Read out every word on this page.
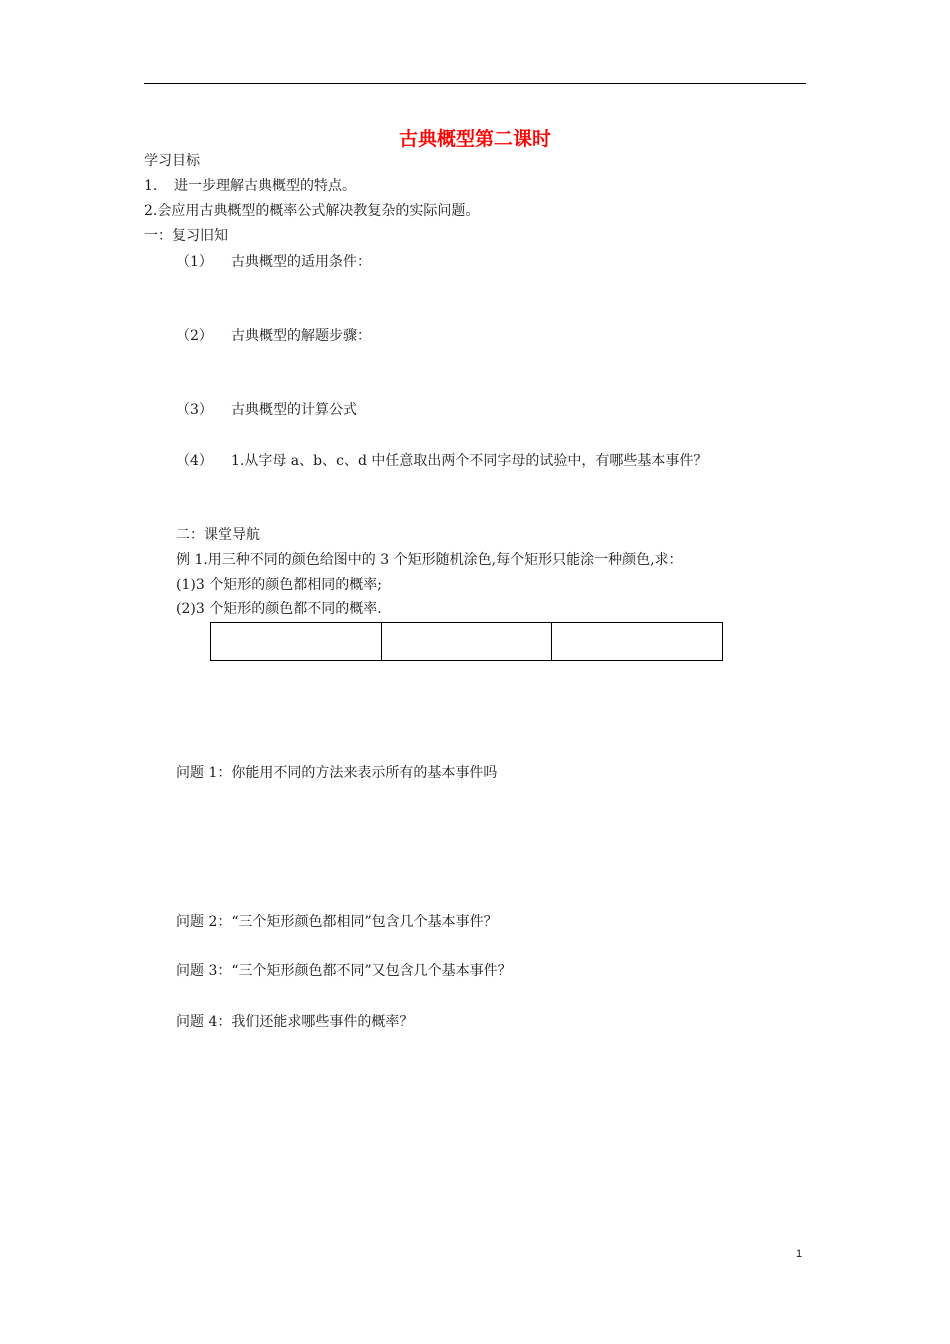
古典概型第二课时
学习目标
1. 进一步理解古典概型的特点。
2.会应用古典概型的概率公式解决教复杂的实际问题。
一：复习旧知
（1） 古典概型的适用条件：
（2） 古典概型的解题步骤：
（3） 古典概型的计算公式
（4） 1.从字母 a、b、c、d 中任意取出两个不同字母的试验中，有哪些基本事件？
二：课堂导航
例 1.用三种不同的颜色给图中的 3 个矩形随机涂色,每个矩形只能涂一种颜色,求：
(1)3 个矩形的颜色都相同的概率;
(2)3 个矩形的颜色都不同的概率.
问题 1：你能用不同的方法来表示所有的基本事件吗
问题 2：“三个矩形颜色都相同”包含几个基本事件？
问题 3：“三个矩形颜色都不同”又包含几个基本事件？
问题 4：我们还能求哪些事件的概率？
1
